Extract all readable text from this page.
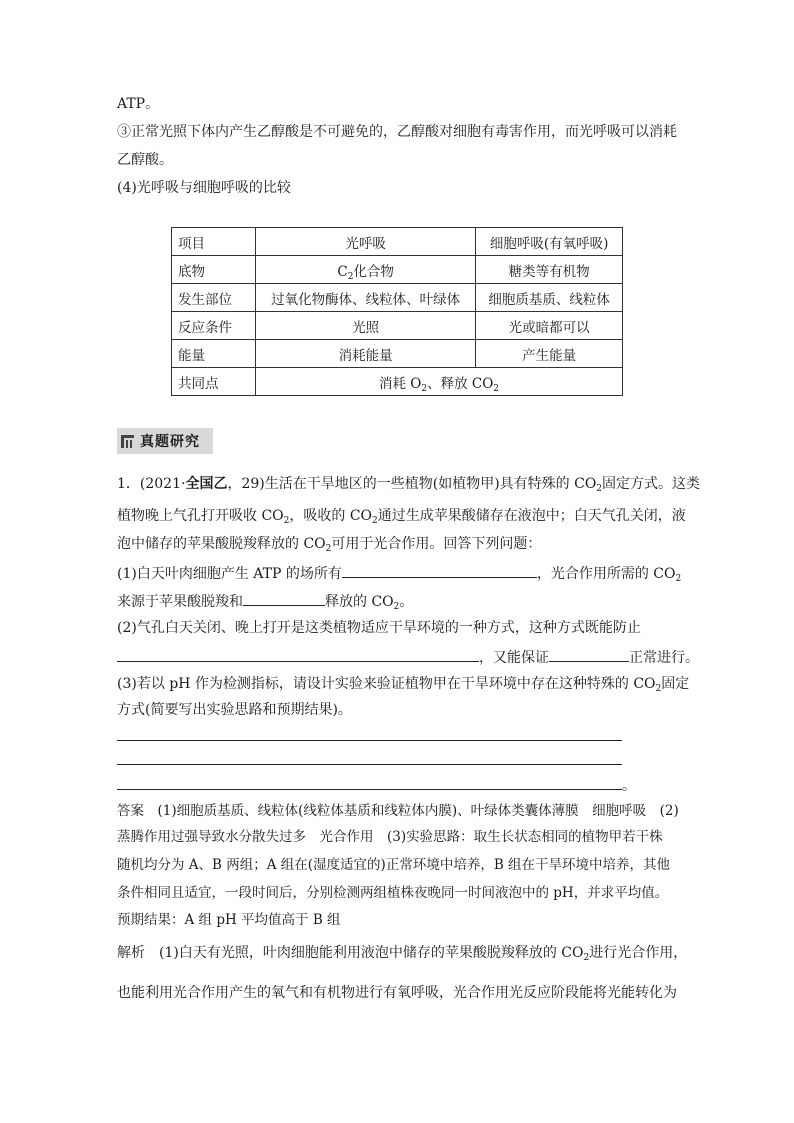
ATP。
③正常光照下体内产生乙醇酸是不可避免的，乙醇酸对细胞有毒害作用，而光呼吸可以消耗
乙醇酸。
(4)光呼吸与细胞呼吸的比较
项目	光呼吸	细胞呼吸(有氧呼吸)
底物	$C_2$化合物	糖类等有机物
发生部位	过氧化物酶体、线粒体、叶绿体	细胞质基质、线粒体
反应条件	光照	光或暗都可以
能量	消耗能量	产生能量
共同点	消耗 $O_2$、释放 $CO_2$
真题研究
1．(2021·全国乙，29)生活在干旱地区的一些植物(如植物甲)具有特殊的 $CO_2$固定方式。这类
植物晚上气孔打开吸收 $CO_2$，吸收的 $CO_2$通过生成苹果酸储存在液泡中；白天气孔关闭，液
泡中储存的苹果酸脱羧释放的 $CO_2$可用于光合作用。回答下列问题：
(1)白天叶肉细胞产生 ATP 的场所有	，光合作用所需的 $CO_2$
来源于苹果酸脱羧和	释放的 $CO_2$。
(2)气孔白天关闭、晚上打开是这类植物适应干旱环境的一种方式，这种方式既能防止
，又能保证	正常进行。
(3)若以 pH 作为检测指标，请设计实验来验证植物甲在干旱环境中存在这种特殊的 $CO_2$固定
方式(简要写出实验思路和预期结果)。
。
答案　(1)细胞质基质、线粒体(线粒体基质和线粒体内膜)、叶绿体类囊体薄膜　细胞呼吸　(2)
蒸腾作用过强导致水分散失过多　光合作用　(3)实验思路：取生长状态相同的植物甲若干株
随机均分为 A、B 两组；A 组在(湿度适宜的)正常环境中培养，B 组在干旱环境中培养，其他
条件相同且适宜，一段时间后，分别检测两组植株夜晚同一时间液泡中的 pH，并求平均值。
预期结果：A 组 pH 平均值高于 B 组
解析　(1)白天有光照，叶肉细胞能利用液泡中储存的苹果酸脱羧释放的 $CO_2$进行光合作用，
也能利用光合作用产生的氧气和有机物进行有氧呼吸，光合作用光反应阶段能将光能转化为
